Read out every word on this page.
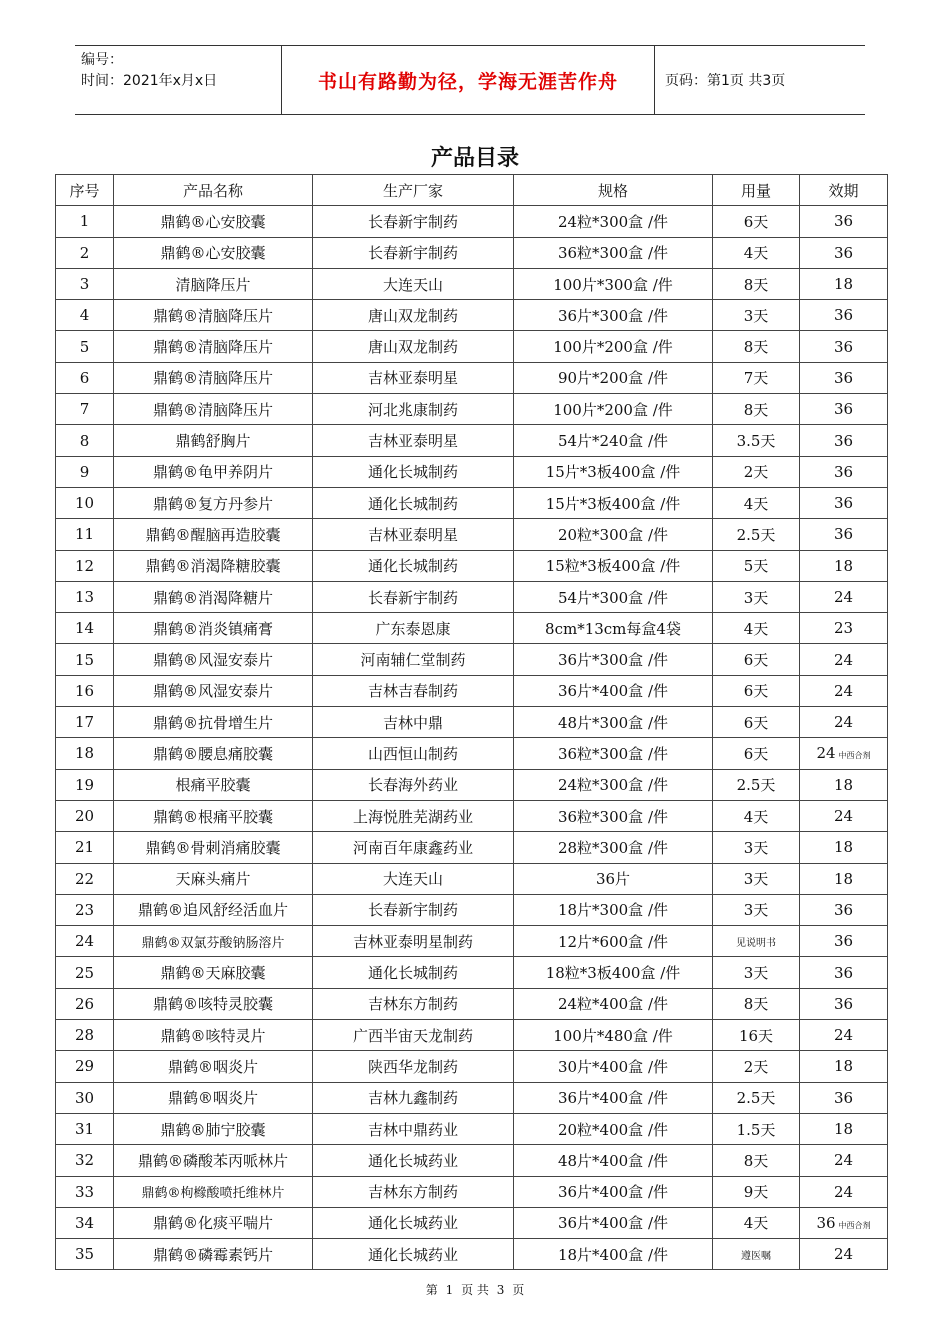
编号：
时间：2021年x月x日	书山有路勤为径，学海无涯苦作舟	页码：第1页 共3页
产品目录
序号	产品名称	生产厂家	规格	用量	效期
1	鼎鹤®心安胶囊	长春新宇制药	24粒*300盒 /件	6天	36
2	鼎鹤®心安胶囊	长春新宇制药	36粒*300盒 /件	4天	36
3	清脑降压片	大连天山	100片*300盒 /件	8天	18
4	鼎鹤®清脑降压片	唐山双龙制药	36片*300盒 /件	3天	36
5	鼎鹤®清脑降压片	唐山双龙制药	100片*200盒 /件	8天	36
6	鼎鹤®清脑降压片	吉林亚泰明星	90片*200盒 /件	7天	36
7	鼎鹤®清脑降压片	河北兆康制药	100片*200盒 /件	8天	36
8	鼎鹤舒胸片	吉林亚泰明星	54片*240盒 /件	3.5天	36
9	鼎鹤®龟甲养阴片	通化长城制药	15片*3板400盒 /件	2天	36
10	鼎鹤®复方丹参片	通化长城制药	15片*3板400盒 /件	4天	36
11	鼎鹤®醒脑再造胶囊	吉林亚泰明星	20粒*300盒 /件	2.5天	36
12	鼎鹤®消渴降糖胶囊	通化长城制药	15粒*3板400盒 /件	5天	18
13	鼎鹤®消渴降糖片	长春新宇制药	54片*300盒 /件	3天	24
14	鼎鹤®消炎镇痛膏	广东泰恩康	8cm*13cm每盒4袋	4天	23
15	鼎鹤®风湿安泰片	河南辅仁堂制药	36片*300盒 /件	6天	24
16	鼎鹤®风湿安泰片	吉林吉春制药	36片*400盒 /件	6天	24
17	鼎鹤®抗骨增生片	吉林中鼎	48片*300盒 /件	6天	24
18	鼎鹤®腰息痛胶囊	山西恒山制药	36粒*300盒 /件	6天	24 中西合剂
19	根痛平胶囊	长春海外药业	24粒*300盒 /件	2.5天	18
20	鼎鹤®根痛平胶囊	上海悦胜芜湖药业	36粒*300盒 /件	4天	24
21	鼎鹤®骨刺消痛胶囊	河南百年康鑫药业	28粒*300盒 /件	3天	18
22	天麻头痛片	大连天山	36片	3天	18
23	鼎鹤®追风舒经活血片	长春新宇制药	18片*300盒 /件	3天	36
24	鼎鹤®双氯芬酸钠肠溶片	吉林亚泰明星制药	12片*600盒 /件	见说明书	36
25	鼎鹤®天麻胶囊	通化长城制药	18粒*3板400盒 /件	3天	36
26	鼎鹤®咳特灵胶囊	吉林东方制药	24粒*400盒 /件	8天	36
28	鼎鹤®咳特灵片	广西半宙天龙制药	100片*480盒 /件	16天	24
29	鼎鹤®咽炎片	陕西华龙制药	30片*400盒 /件	2天	18
30	鼎鹤®咽炎片	吉林九鑫制药	36片*400盒 /件	2.5天	36
31	鼎鹤®肺宁胶囊	吉林中鼎药业	20粒*400盒 /件	1.5天	18
32	鼎鹤®磷酸苯丙哌林片	通化长城药业	48片*400盒 /件	8天	24
33	鼎鹤®枸橼酸喷托维林片	吉林东方制药	36片*400盒 /件	9天	24
34	鼎鹤®化痰平喘片	通化长城药业	36片*400盒 /件	4天	36 中西合剂
35	鼎鹤®磷霉素钙片	通化长城药业	18片*400盒 /件	遵医嘱	24
第 1 页 共 3 页
